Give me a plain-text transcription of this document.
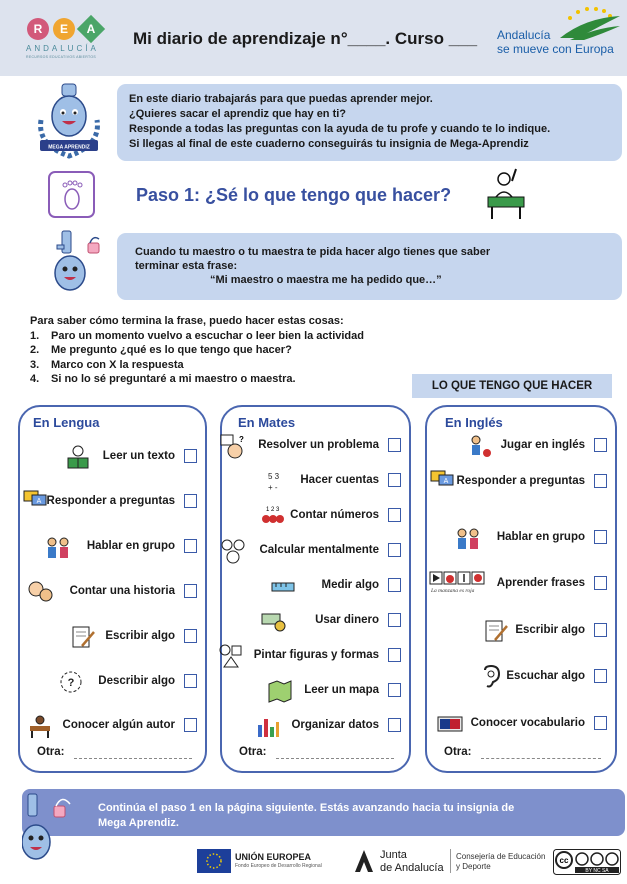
R	E	A
ANDALUCÍA
RECURSOS EDUCATIVOS ABIERTOS
Mi diario de aprendizaje n°____. Curso ___ Andalucía
se mueve con Europa
MEGA APRENDIZ

En este diario trabajarás para que puedas aprender mejor.

¿Quieres sacar el aprendiz que hay en ti?

Responde a todas las preguntas con la ayuda de tu profe y cuando te lo indique.

Si llegas al final de este cuaderno conseguirás tu insignia de Mega-Aprendiz

Paso 1: ¿Sé lo que tengo que hacer?

Cuando tu maestro o tu maestra te pida hacer algo tienes que saber

terminar esta frase:

“Mi maestro o maestra me ha pedido que…”

Para saber cómo termina la frase, puedo hacer estas cosas:
1.	Paro un momento vuelvo a escuchar o leer bien la actividad
2.	Me pregunto ¿qué es lo que tengo que hacer?
3.	Marco con X la respuesta
4.	Si no lo sé preguntaré a mi maestro o maestra.
LO QUE TENGO QUE HACER
En Lengua
Leer un texto
A Responder a preguntas
Hablar en grupo
Contar una historia
Escribir algo
? Describir algo
Conocer algún autor
Otra:
En Mates
? Resolver un problema
5 3
+ -
Hacer cuentas
1 2 3 Contar números
Calcular mentalmente
Medir algo
Usar dinero
Pintar figuras y formas
Leer un mapa
Organizar datos
Otra:
En Inglés
Jugar en inglés
A Responder a preguntas
Hablar en grupo
La manzana es roja
Aprender frases
Escribir algo
Escuchar algo
Conocer vocabulario
Otra:

Continúa el paso 1 en la página siguiente. Estás avanzando hacia tu insignia de

Mega Aprendiz.

UNIÓN EUROPEA
Fondo Europeo de Desarrollo Regional
Junta
de Andalucía
Consejería de Educación
y Deporte
cc
BY NC SA
